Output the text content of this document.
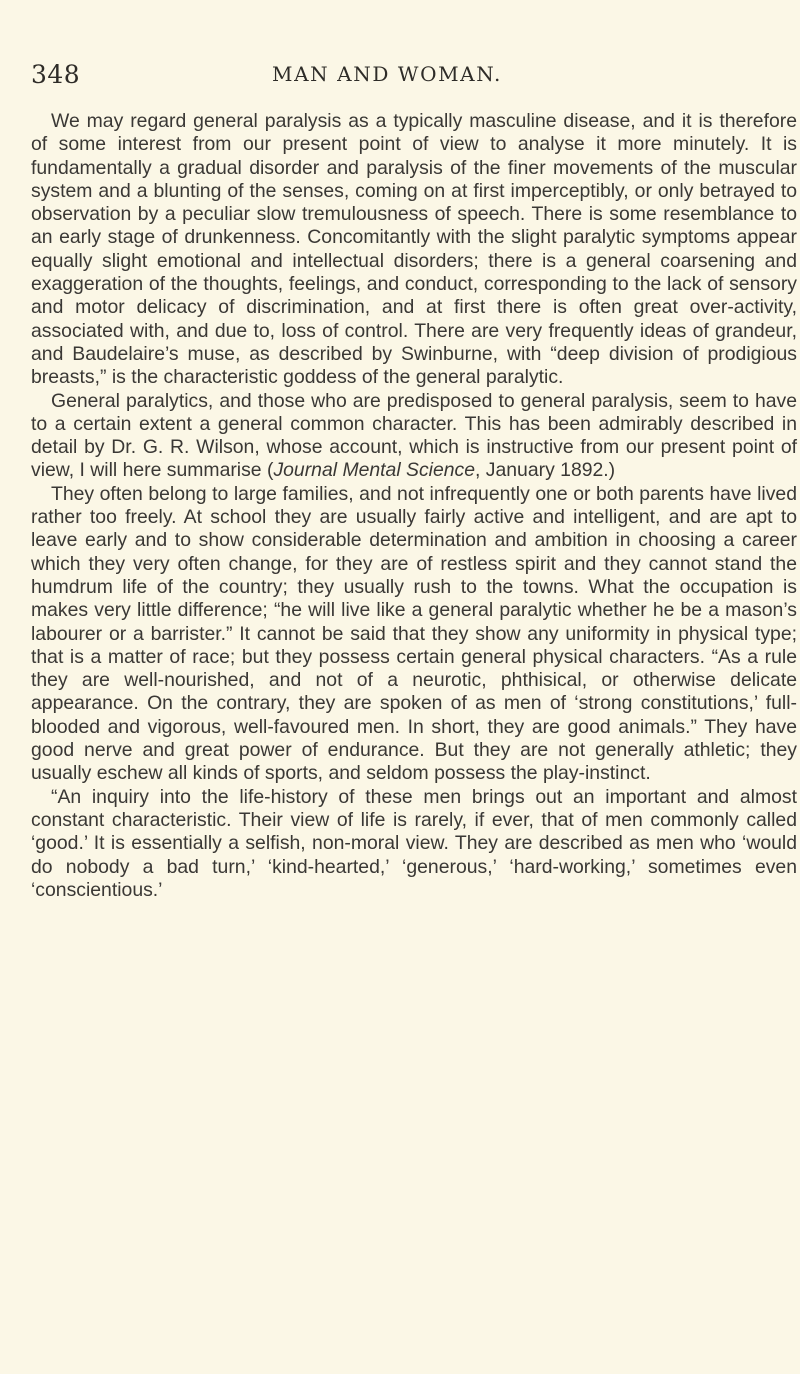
348	MAN AND WOMAN.

We may regard general paralysis as a typically masculine disease, and it is therefore of some interest from our present point of view to analyse it more minutely. It is fundamentally a gradual disorder and paralysis of the finer movements of the muscular system and a blunting of the senses, coming on at first imperceptibly, or only betrayed to observation by a peculiar slow tremulousness of speech. There is some resemblance to an early stage of drunkenness. Concomitantly with the slight paralytic symptoms appear equally slight emotional and intellectual disorders; there is a general coarsening and exaggeration of the thoughts, feelings, and conduct, corresponding to the lack of sensory and motor delicacy of discrimination, and at first there is often great over-activity, associated with, and due to, loss of control. There are very frequently ideas of grandeur, and Baudelaire’s muse, as described by Swinburne, with “deep division of prodigious breasts,” is the characteristic goddess of the general paralytic.

General paralytics, and those who are predisposed to general paralysis, seem to have to a certain extent a general common character. This has been admirably described in detail by Dr. G. R. Wilson, whose account, which is instructive from our present point of view, I will here summarise (Journal Mental Science, January 1892.)

They often belong to large families, and not infrequently one or both parents have lived rather too freely. At school they are usually fairly active and intelligent, and are apt to leave early and to show considerable determination and ambition in choosing a career which they very often change, for they are of restless spirit and they cannot stand the humdrum life of the country; they usually rush to the towns. What the occupation is makes very little difference; “he will live like a general paralytic whether he be a mason’s labourer or a barrister.” It cannot be said that they show any uniformity in physical type; that is a matter of race; but they possess certain general physical characters. “As a rule they are well-nourished, and not of a neurotic, phthisical, or otherwise delicate appearance. On the contrary, they are spoken of as men of ‘strong constitutions,’ full-blooded and vigorous, well-favoured men. In short, they are good animals.” They have good nerve and great power of endurance. But they are not generally athletic; they usually eschew all kinds of sports, and seldom possess the play-instinct.

“An inquiry into the life-history of these men brings out an important and almost constant characteristic. Their view of life is rarely, if ever, that of men commonly called ‘good.’ It is essentially a selfish, non-moral view. They are described as men who ‘would do nobody a bad turn,’ ‘kind-hearted,’ ‘generous,’ ‘hard-working,’ sometimes even ‘conscientious.’
